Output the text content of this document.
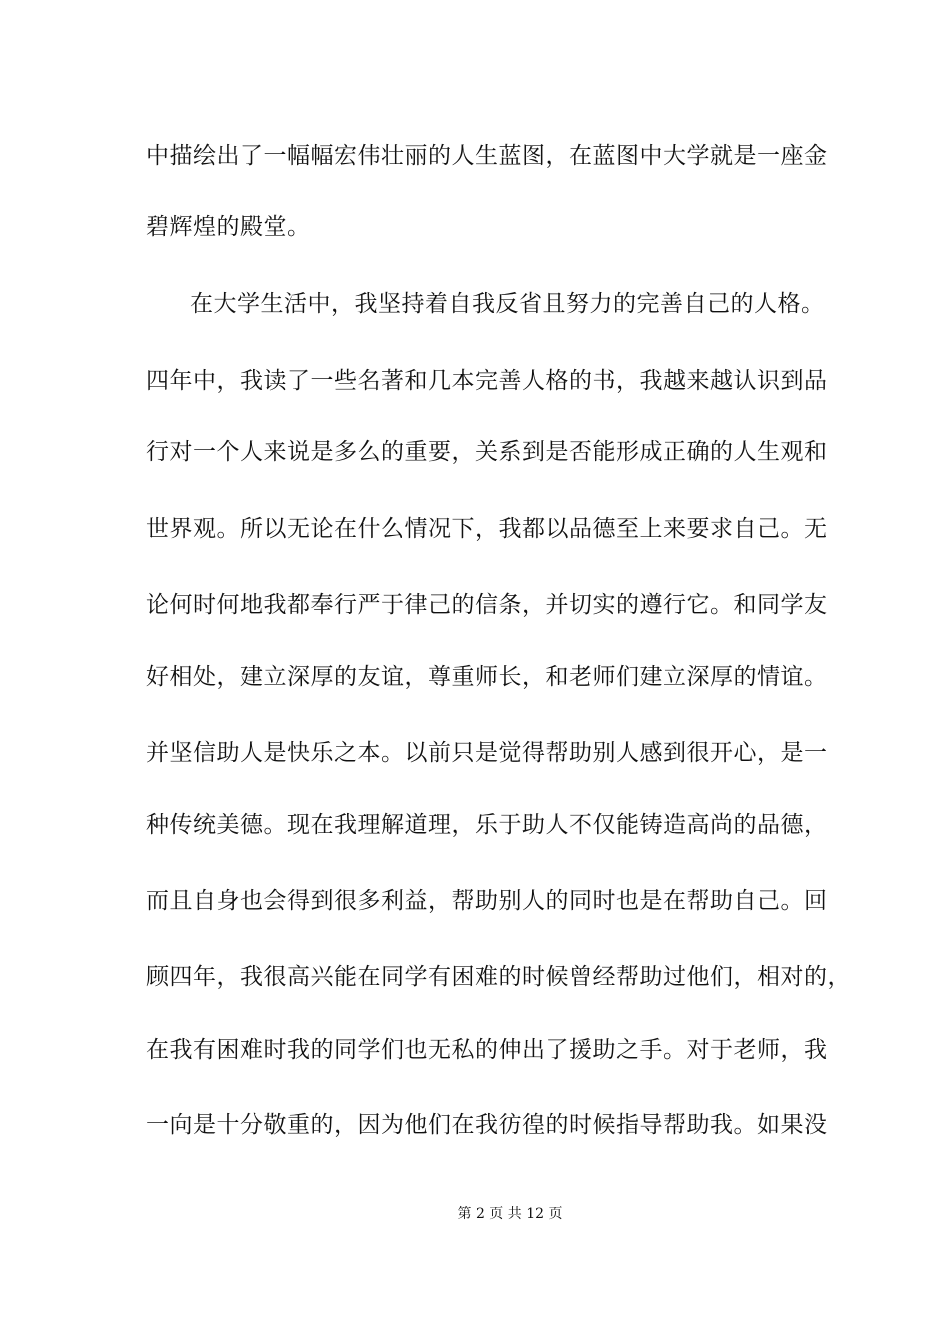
中描绘出了一幅幅宏伟壮丽的人生蓝图，在蓝图中大学就是一座金
碧辉煌的殿堂。
在大学生活中，我坚持着自我反省且努力的完善自己的人格。
四年中，我读了一些名著和几本完善人格的书，我越来越认识到品
行对一个人来说是多么的重要，关系到是否能形成正确的人生观和
世界观。所以无论在什么情况下，我都以品德至上来要求自己。无
论何时何地我都奉行严于律己的信条，并切实的遵行它。和同学友
好相处，建立深厚的友谊，尊重师长，和老师们建立深厚的情谊。
并坚信助人是快乐之本。以前只是觉得帮助别人感到很开心，是一
种传统美德。现在我理解道理，乐于助人不仅能铸造高尚的品德，
而且自身也会得到很多利益，帮助别人的同时也是在帮助自己。回
顾四年，我很高兴能在同学有困难的时候曾经帮助过他们，相对的，
在我有困难时我的同学们也无私的伸出了援助之手。对于老师，我
一向是十分敬重的，因为他们在我彷徨的时候指导帮助我。如果没
第 2 页 共 12 页
